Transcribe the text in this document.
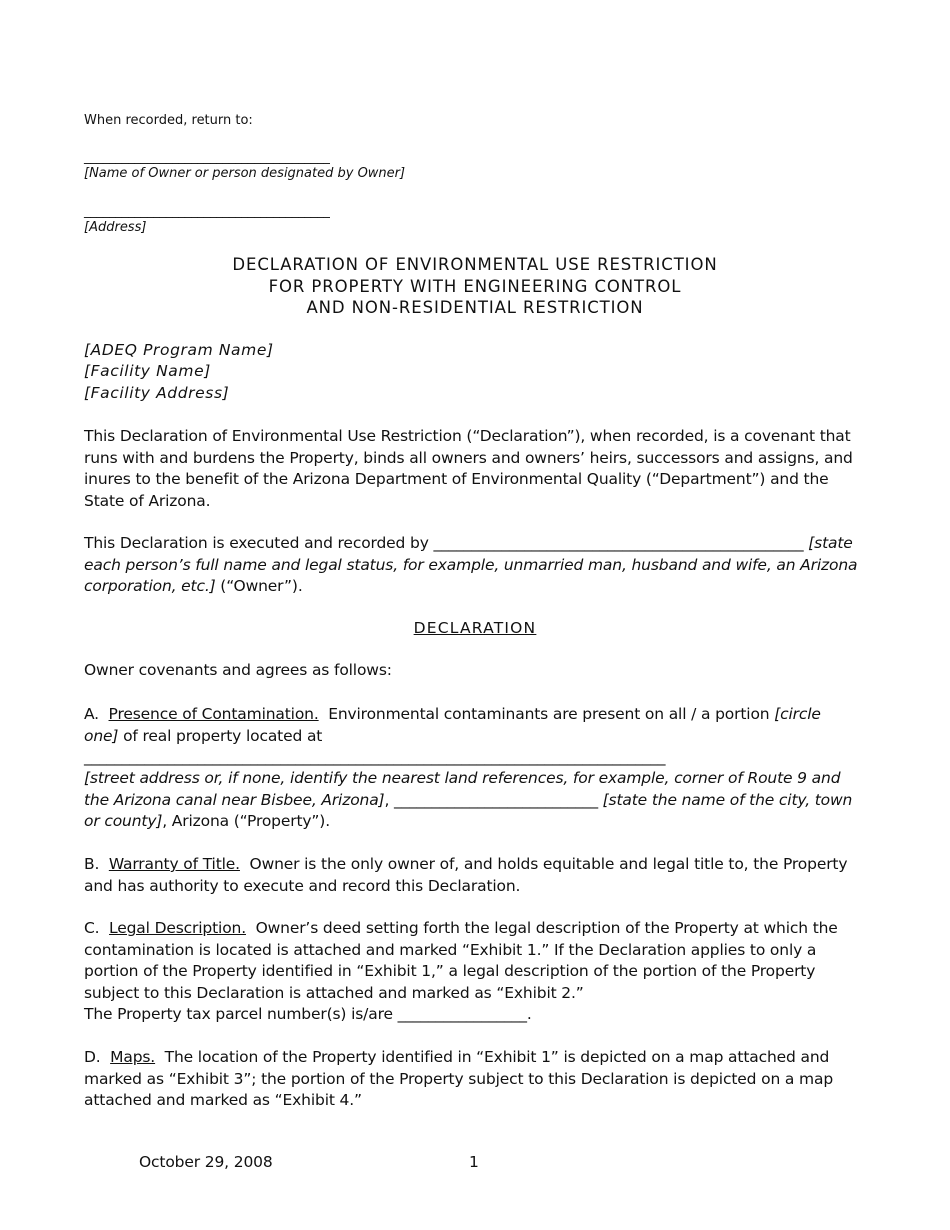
When recorded, return to:
_______________________________________
[Name of Owner or person designated by Owner]
_______________________________________
[Address]
DECLARATION OF ENVIRONMENTAL USE RESTRICTION
FOR PROPERTY WITH ENGINEERING CONTROL
AND NON-RESIDENTIAL RESTRICTION
[ADEQ Program Name]
[Facility Name]
[Facility Address]

This Declaration of Environmental Use Restriction (“Declaration”), when recorded, is a covenant that runs with and burdens the Property, binds all owners and owners’ heirs, successors and assigns, and inures to the benefit of the Arizona Department of Environmental Quality (“Department”) and the State of Arizona.

This Declaration is executed and recorded by _________________________________________________ [state each person’s full name and legal status, for example, unmarried man, husband and wife, an Arizona corporation, etc.] (“Owner”).

DECLARATION
Owner covenants and agrees as follows:

A. Presence of Contamination. Environmental contaminants are present on all / a portion [circle one] of real property located at

_____________________________________________________________________________

[street address or, if none, identify the nearest land references, for example, corner of Route 9 and the Arizona canal near Bisbee, Arizona], ___________________________ [state the name of the city, town or county], Arizona (“Property”).

B. Warranty of Title. Owner is the only owner of, and holds equitable and legal title to, the Property and has authority to execute and record this Declaration.

C. Legal Description. Owner’s deed setting forth the legal description of the Property at which the contamination is located is attached and marked “Exhibit 1.” If the Declaration applies to only a portion of the Property identified in “Exhibit 1,” a legal description of the portion of the Property subject to this Declaration is attached and marked as “Exhibit 2.”

The Property tax parcel number(s) is/are _________________.

D. Maps. The location of the Property identified in “Exhibit 1” is depicted on a map attached and marked as “Exhibit 3”; the portion of the Property subject to this Declaration is depicted on a map attached and marked as “Exhibit 4.”

October 29, 2008	1
